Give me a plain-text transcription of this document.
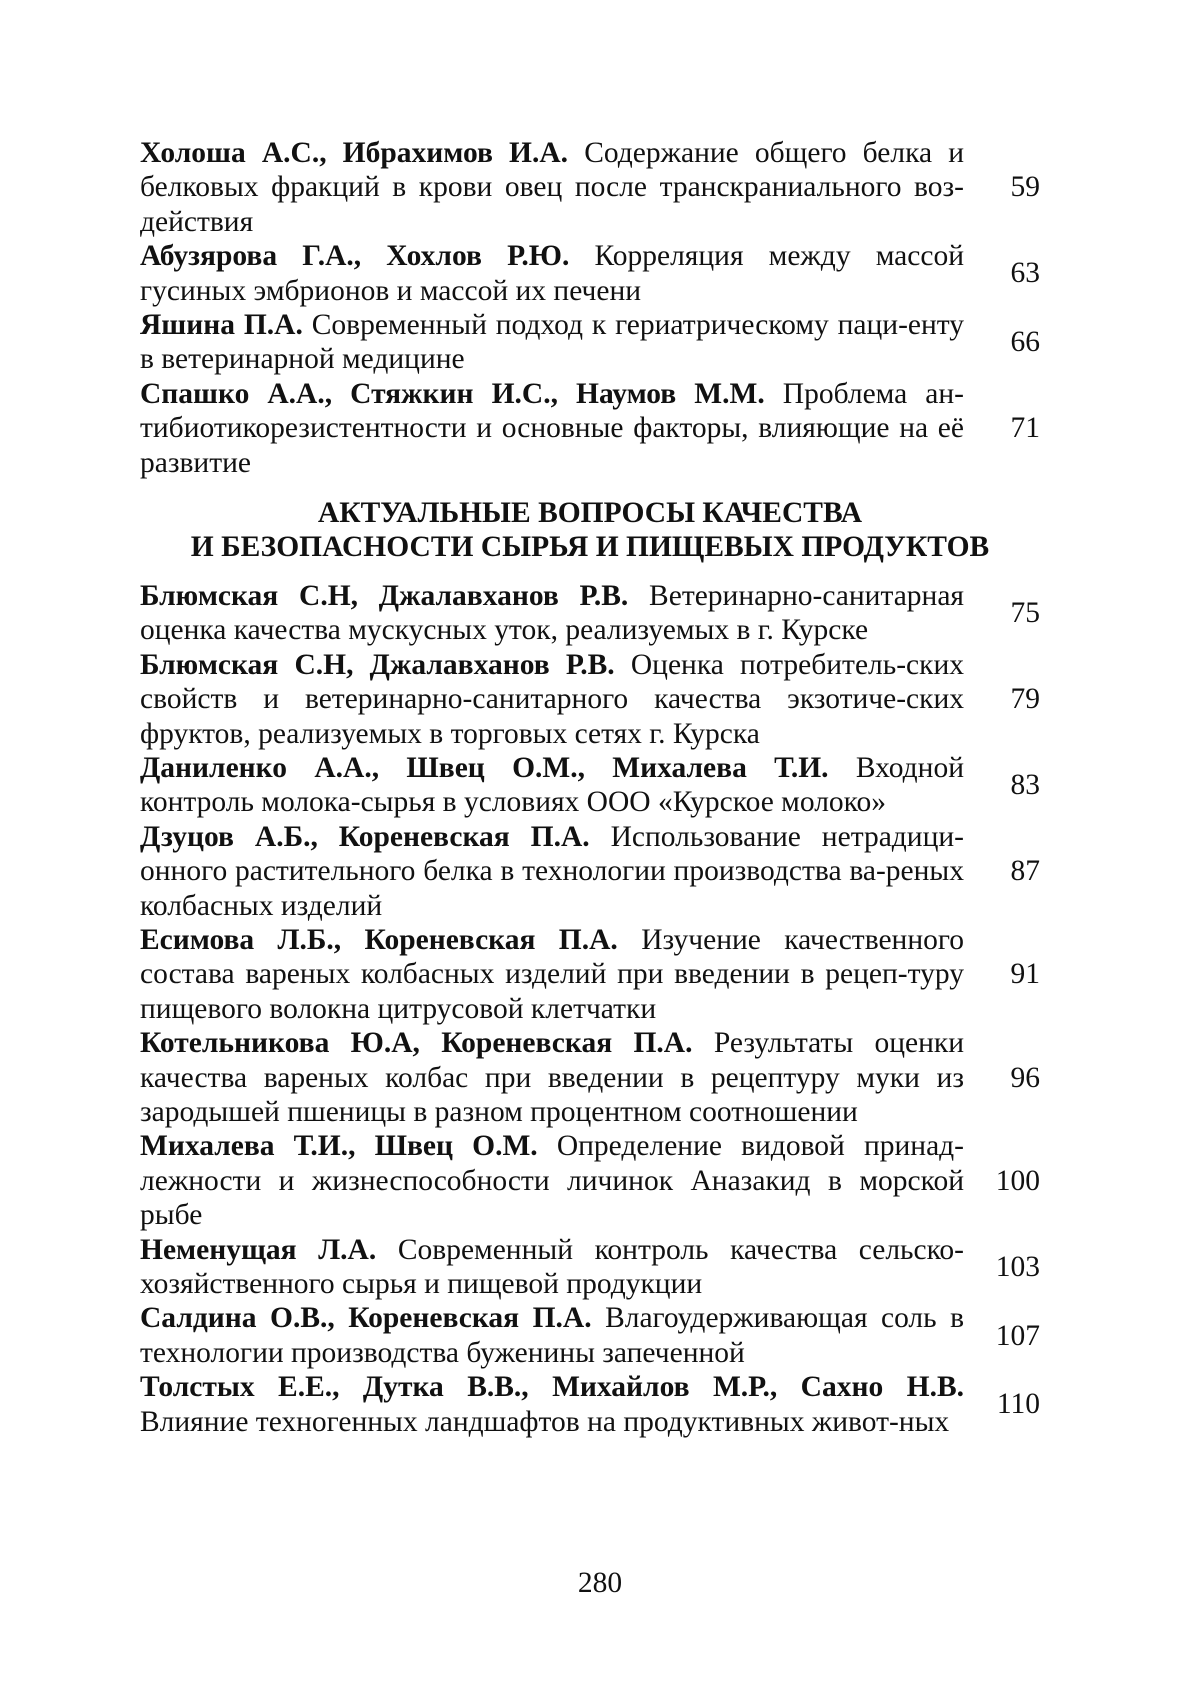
Холоша А.С., Ибрахимов И.А. Содержание общего белка и белковых фракций в крови овец после транскраниального воз-действия
59
Абузярова Г.А., Хохлов Р.Ю. Корреляция между массой гусиных эмбрионов и массой их печени
63
Яшина П.А. Современный подход к гериатрическому паци-енту в ветеринарной медицине
66
Спашко А.А., Стяжкин И.С., Наумов М.М. Проблема ан-тибиотикорезистентности и основные факторы, влияющие на её развитие
71
АКТУАЛЬНЫЕ ВОПРОСЫ КАЧЕСТВА
И БЕЗОПАСНОСТИ СЫРЬЯ И ПИЩЕВЫХ ПРОДУКТОВ
Блюмская С.Н, Джалавханов Р.В. Ветеринарно-санитарная оценка качества мускусных уток, реализуемых в г. Курске
75
Блюмская С.Н, Джалавханов Р.В. Оценка потребитель-ских свойств и ветеринарно-санитарного качества экзотиче-ских фруктов, реализуемых в торговых сетях г. Курска
79
Даниленко А.А., Швец О.М., Михалева Т.И. Входной контроль молока-сырья в условиях ООО «Курское молоко»
83
Дзуцов А.Б., Кореневская П.А. Использование нетрадици-онного растительного белка в технологии производства ва-реных колбасных изделий
87
Есимова Л.Б., Кореневская П.А. Изучение качественного состава вареных колбасных изделий при введении в рецеп-туру пищевого волокна цитрусовой клетчатки
91
Котельникова Ю.А, Кореневская П.А. Результаты оценки качества вареных колбас при введении в рецептуру муки из зародышей пшеницы в разном процентном соотношении
96
Михалева Т.И., Швец О.М. Определение видовой принад-лежности и жизнеспособности личинок Аназакид в морской рыбе
100
Неменущая Л.А. Современный контроль качества сельско-хозяйственного сырья и пищевой продукции
103
Салдина О.В., Кореневская П.А. Влагоудерживающая соль в технологии производства буженины запеченной
107
Толстых Е.Е., Дутка В.В., Михайлов М.Р., Сахно Н.В. Влияние техногенных ландшафтов на продуктивных живот-ных
110
280
